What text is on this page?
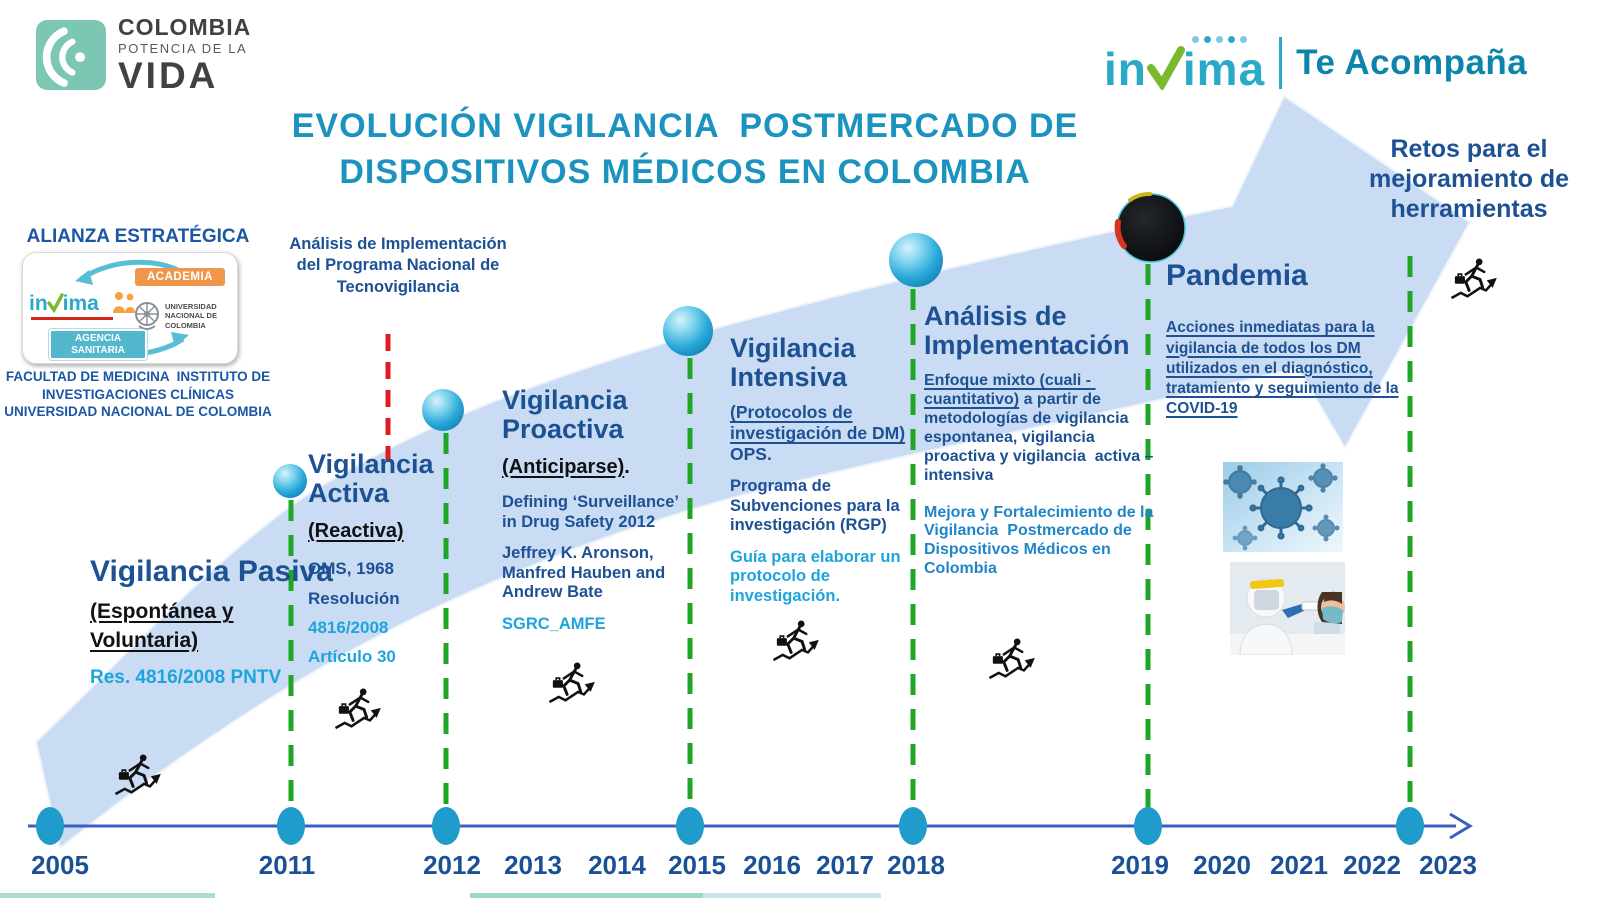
COLOMBIA
POTENCIA DE LA
VIDA	in ima Te Acompaña
EVOLUCIÓN VIGILANCIA  POSTMERCADO DE
DISPOSITIVOS MÉDICOS EN COLOMBIA
ALIANZA ESTRATÉGICA
in ima
AGENCIA SANITARIA
ACADEMIA
UNIVERSIDAD NACIONAL DE COLOMBIA
FACULTAD DE MEDICINA  INSTITUTO DE INVESTIGACIONES CLÍNICAS UNIVERSIDAD NACIONAL DE COLOMBIA
Análisis de Implementación del Programa Nacional de Tecnovigilancia
Vigilancia Pasiva
(Espontánea y Voluntaria)
Res. 4816/2008 PNTV
Vigilancia Activa
(Reactiva)
OMS, 1968
Resolución
4816/2008
Artículo 30
Vigilancia Proactiva
(Anticiparse).
Defining ‘Surveillance’ in Drug Safety 2012
Jeffrey K. Aronson, Manfred Hauben and Andrew Bate
SGRC_AMFE
Vigilancia Intensiva
(Protocolos de investigación de DM) OPS.
Programa de Subvenciones para la investigación (RGP)
Guía para elaborar un protocolo de investigación.
Análisis de Implementación
Enfoque mixto (cuali - cuantitativo) a partir de metodologías de vigilancia espontanea, vigilancia  proactiva y vigilancia  activa – intensiva
Mejora y Fortalecimiento de la Vigilancia  Postmercado de  Dispositivos Médicos en Colombia
Pandemia
Acciones inmediatas para la vigilancia de todos los DM utilizados en el diagnóstico, tratamiento y seguimiento de la COVID-19
Retos para el mejoramiento de herramientas
2005	2011	2012 2013 2014 2015 2016 2017 2018	2019 2020 2021 2022 2023
